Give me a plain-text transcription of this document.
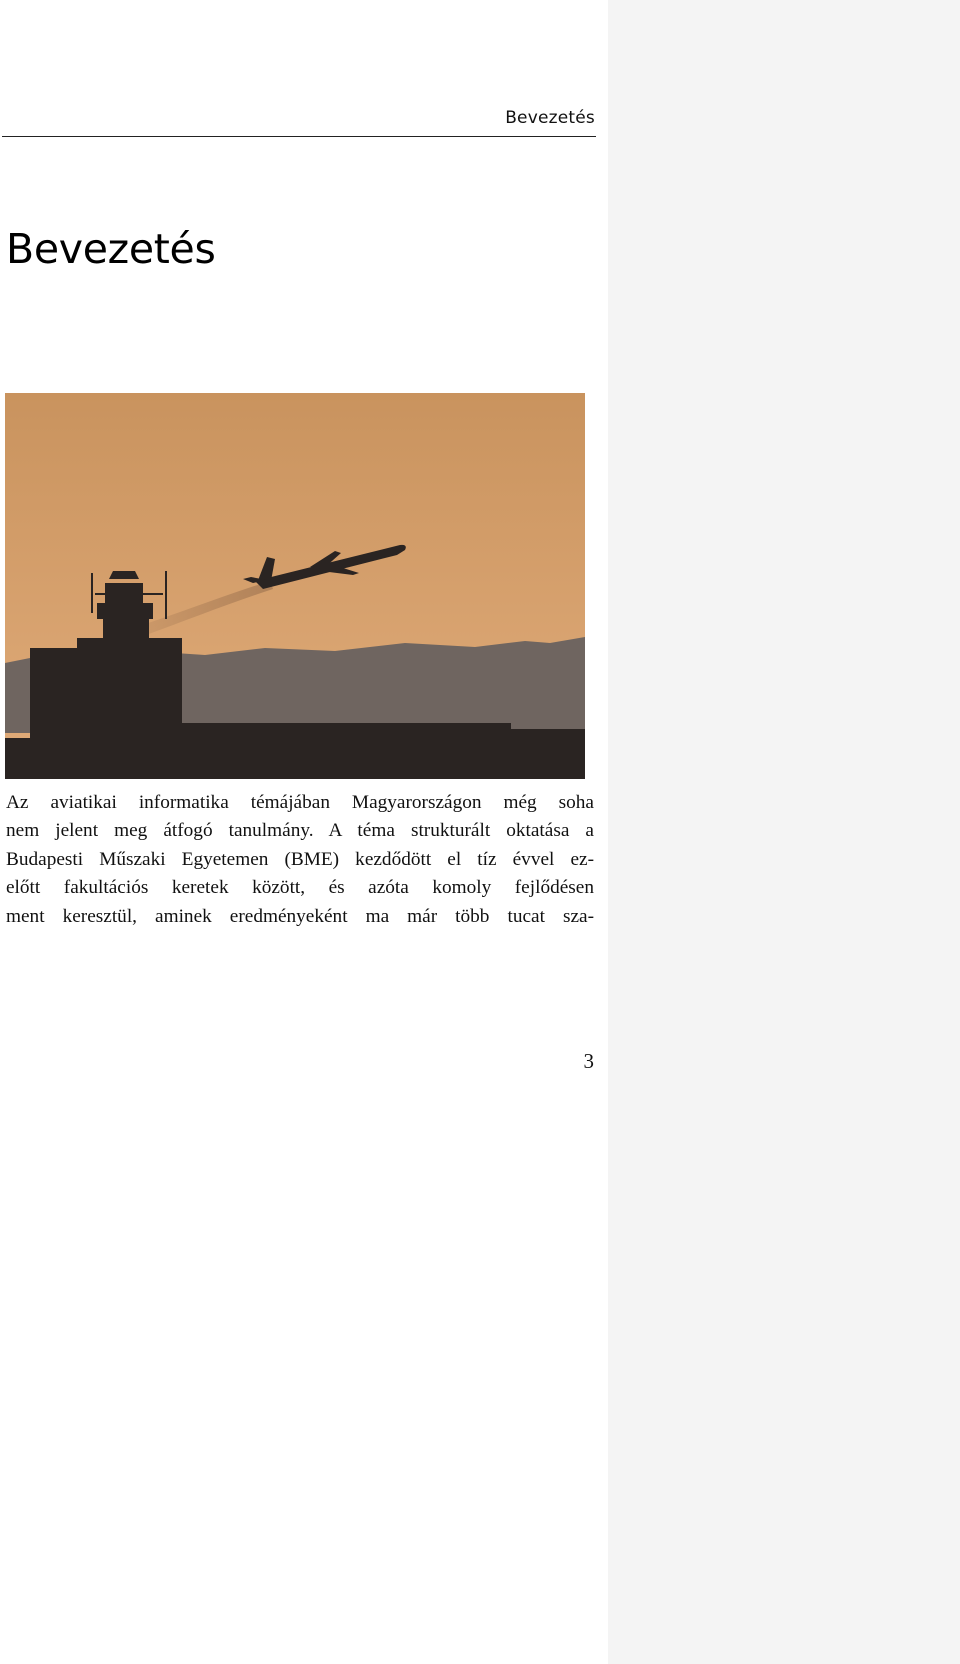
Bevezetés
Bevezetés
Az aviatikai informatika témájában Magyarországon még soha
nem jelent meg átfogó tanulmány. A téma strukturált oktatása a
Budapesti Műszaki Egyetemen (BME) kezdődött el tíz évvel ez-
előtt fakultációs keretek között, és azóta komoly fejlődésen
ment keresztül, aminek eredményeként ma már több tucat sza-
3
